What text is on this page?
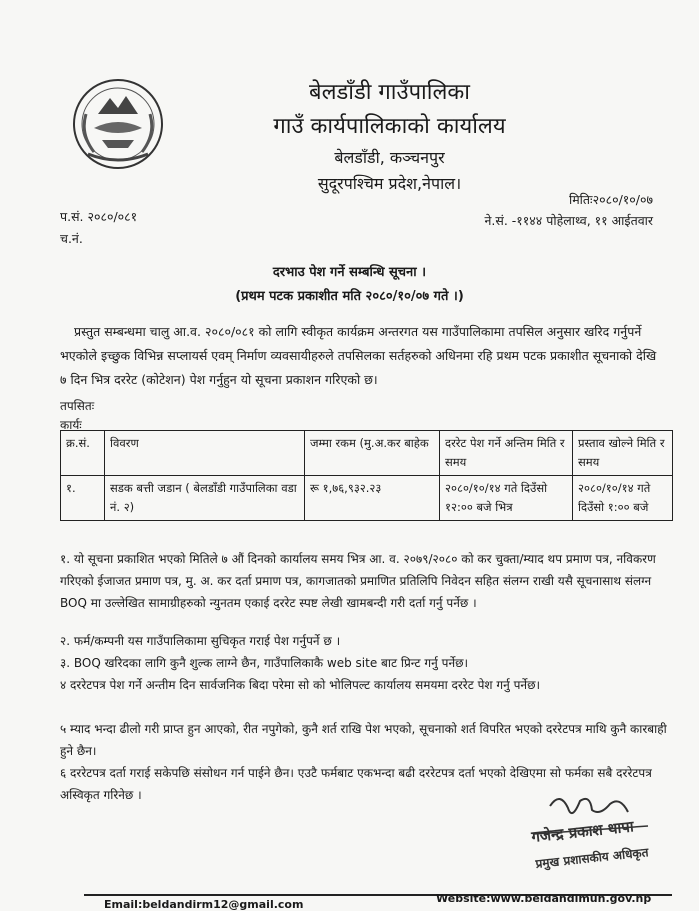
बेलडाँडी गाउँपालिका
गाउँ कार्यपालिकाको कार्यालय
बेलडाँडी, कञ्चनपुर
सुदूरपश्चिम प्रदेश,नेपाल।
मितिः२०८०/१०/०७
ने.सं. -११४४ पोहेलाथ्व, ११ आईतवार
प.सं. २०८०/०८१
च.नं.
दरभाउ पेश गर्ने सम्बन्धि सूचना ।
(प्रथम पटक प्रकाशीत मति २०८०/१०/०७ गते ।)
प्रस्तुत सम्बन्धमा चालु आ.व. २०८०/०८१ को लागि स्वीकृत कार्यक्रम अन्तरगत यस गाउँपालिकामा तपसिल अनुसार खरिद गर्नुपर्ने भएकोले इच्छुक विभिन्न सप्लायर्स एवम् निर्माण व्यवसायीहरुले तपसिलका सर्तहरुको अधिनमा रहि प्रथम पटक प्रकाशीत सूचनाको देखि ७ दिन भित्र दररेट (कोटेशन) पेश गर्नुहुन यो सूचना प्रकाशन गरिएको छ।
तपसितः
कार्यः
क्र.सं.	विवरण	जम्मा रकम (मु.अ.कर बाहेक	दररेट पेश गर्ने अन्तिम मिति र समय	प्रस्ताव खोल्ने मिति र समय
१.	सडक बत्ती जडान ( बेलडाँडी गाउँपालिका वडा नं. २)	रू १,७६,९३२.२३	२०८०/१०/१४ गते दिउँसो १२:०० बजे भित्र	२०८०/१०/१४ गते दिउँसो १:०० बजे
१. यो सूचना प्रकाशित भएको मितिले ७ औं दिनको कार्यालय समय भित्र आ. व. २०७९/२०८० को कर चुक्ता/म्याद थप प्रमाण पत्र, नविकरण गरिएको ईजाजत प्रमाण पत्र, मु. अ. कर दर्ता प्रमाण पत्र, कागजातको प्रमाणित प्रतिलिपि निवेदन सहित संलग्न राखी यसै सूचनासाथ संलग्न BOQ मा उल्लेखित सामाग्रीहरुको न्युनतम एकाई दररेट स्पष्ट लेखी खामबन्दी गरी दर्ता गर्नु पर्नेछ ।
२. फर्म/कम्पनी यस गाउँपालिकामा सुचिकृत गराई पेश गर्नुपर्ने छ ।
३. BOQ खरिदका लागि कुनै शुल्क लाग्ने छैन, गाउँपालिकाकै web site बाट प्रिन्ट गर्नु पर्नेछ।
४ दररेटपत्र पेश गर्ने अन्तीम दिन सार्वजनिक बिदा परेमा सो को भोलिपल्ट कार्यालय समयमा दररेट पेश गर्नु पर्नेछ।
५ म्याद भन्दा ढीलो गरी प्राप्त हुन आएको, रीत नपुगेको, कुनै शर्त राखि पेश भएको, सूचनाको शर्त विपरित भएको दररेटपत्र माथि कुनै कारबाही हुने छैन।
६ दररेटपत्र दर्ता गराई सकेपछि संसोधन गर्न पाईने छैन। एउटै फर्मबाट एकभन्दा बढी दररेटपत्र दर्ता भएको देखिएमा सो फर्मका सबै दररेटपत्र अस्विकृत गरिनेछ ।
गजेन्द्र प्रकाश थापा
प्रमुख प्रशासकीय अधिकृत
Email:beldandirm12@gmail.com	Website:www.beldandimun.gov.np
